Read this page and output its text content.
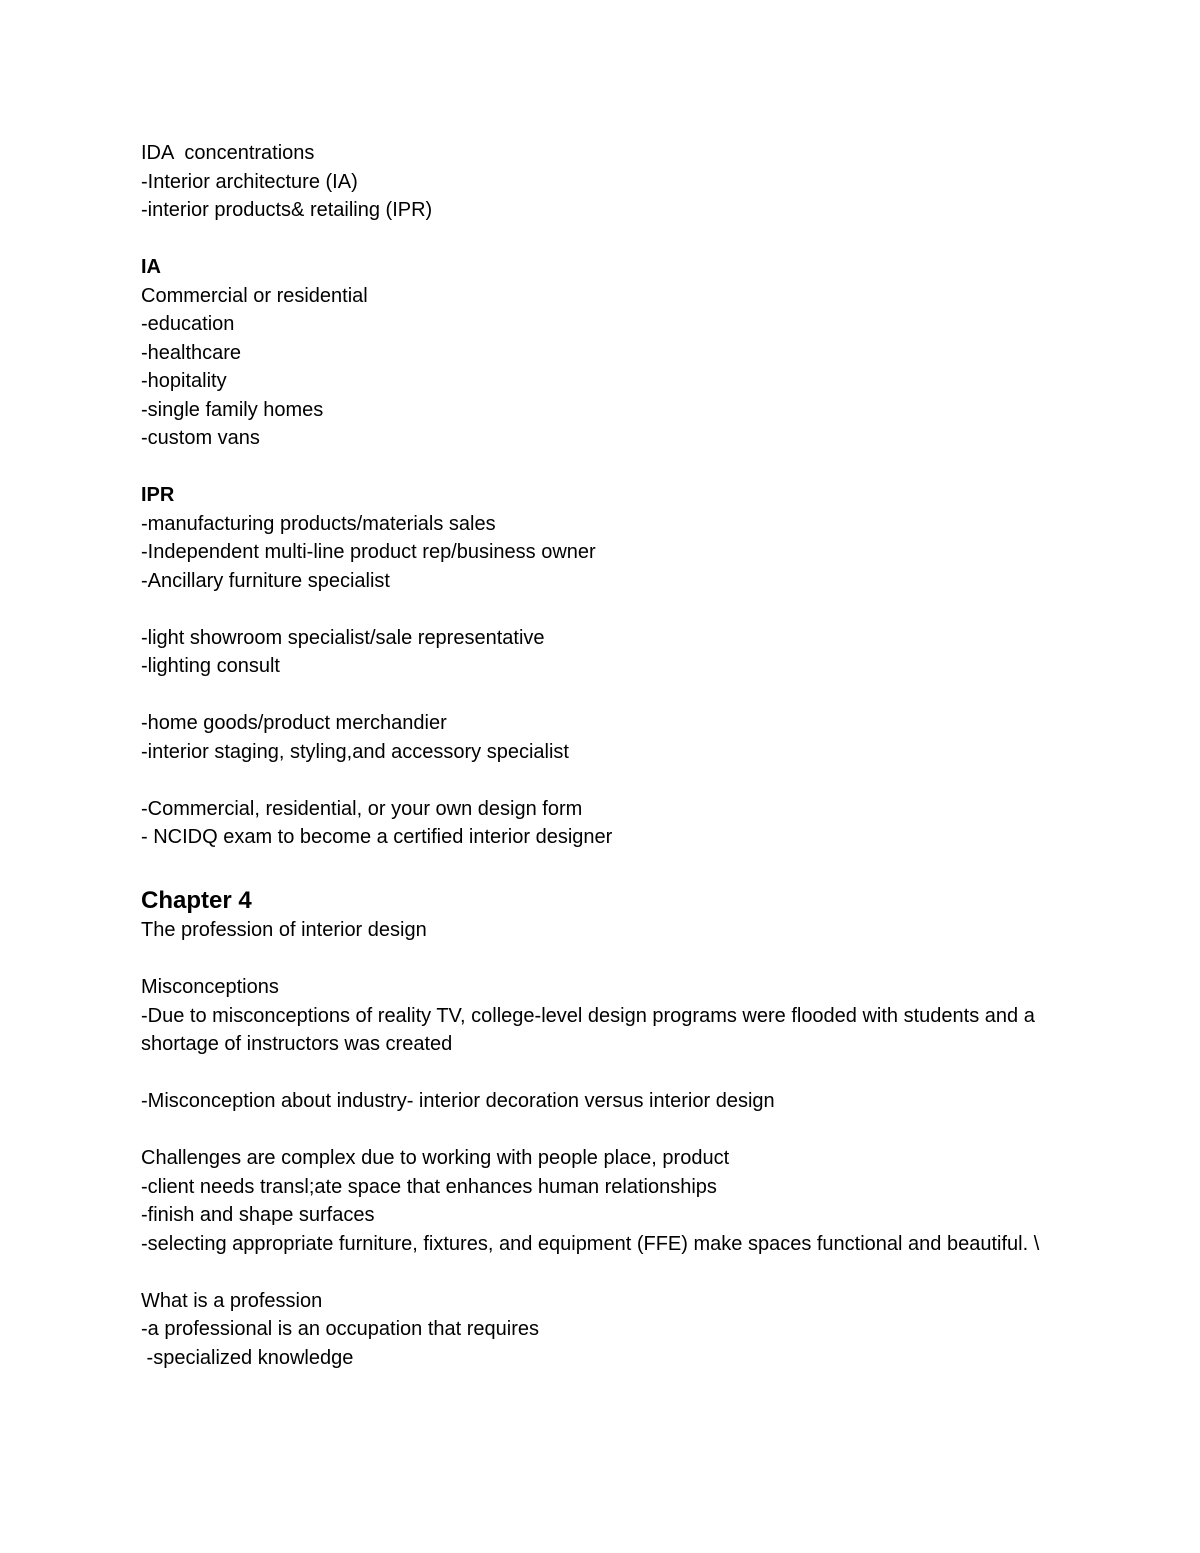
IDA  concentrations
-Interior architecture (IA)
-interior products& retailing (IPR)
IA
Commercial or residential
-education
-healthcare
-hopitality
-single family homes
-custom vans
IPR
-manufacturing products/materials sales
-Independent multi-line product rep/business owner
-Ancillary furniture specialist
-light showroom specialist/sale representative
-lighting consult
-home goods/product merchandier
-interior staging, styling,and accessory specialist
-Commercial, residential, or your own design form
- NCIDQ exam to become a certified interior designer
Chapter 4
The profession of interior design
Misconceptions
-Due to misconceptions of reality TV, college-level design programs were flooded with students and a shortage of instructors was created
-Misconception about industry- interior decoration versus interior design
Challenges are complex due to working with people place, product
-client needs transl;ate space that enhances human relationships
-finish and shape surfaces
-selecting appropriate furniture, fixtures, and equipment (FFE) make spaces functional and beautiful. \
What is a profession
-a professional is an occupation that requires
-specialized knowledge
